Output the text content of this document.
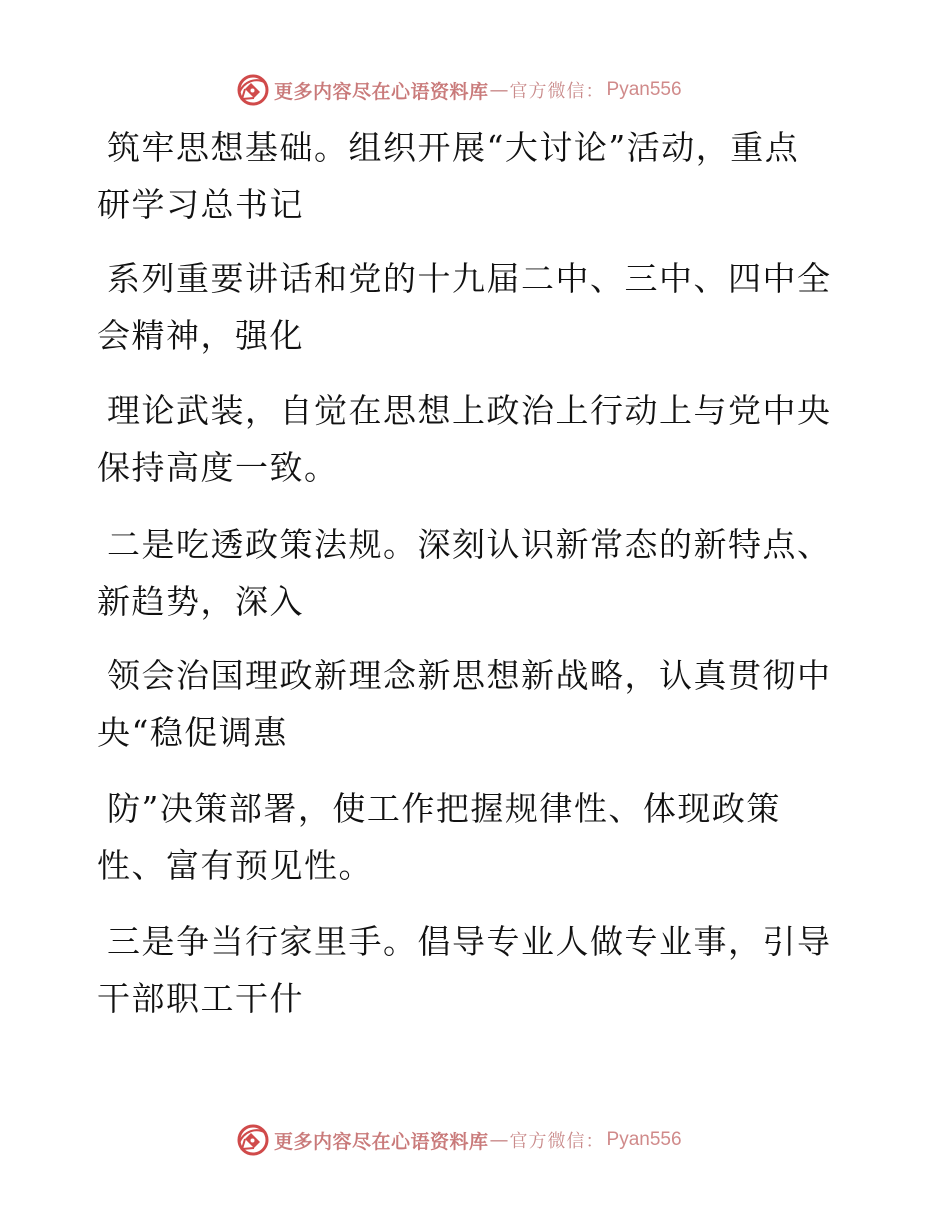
更多内容尽在心语资料库 — 官方微信： Pyan556
筑牢思想基础。组织开展“大讨论”活动，重点
研学习总书记
系列重要讲话和党的十九届二中、三中、四中全
会精神，强化
理论武装，自觉在思想上政治上行动上与党中央
保持高度一致。
二是吃透政策法规。深刻认识新常态的新特点、
新趋势，深入
领会治国理政新理念新思想新战略，认真贯彻中
央“稳促调惠
防”决策部署，使工作把握规律性、体现政策
性、富有预见性。
三是争当行家里手。倡导专业人做专业事，引导
干部职工干什
更多内容尽在心语资料库 — 官方微信： Pyan556
